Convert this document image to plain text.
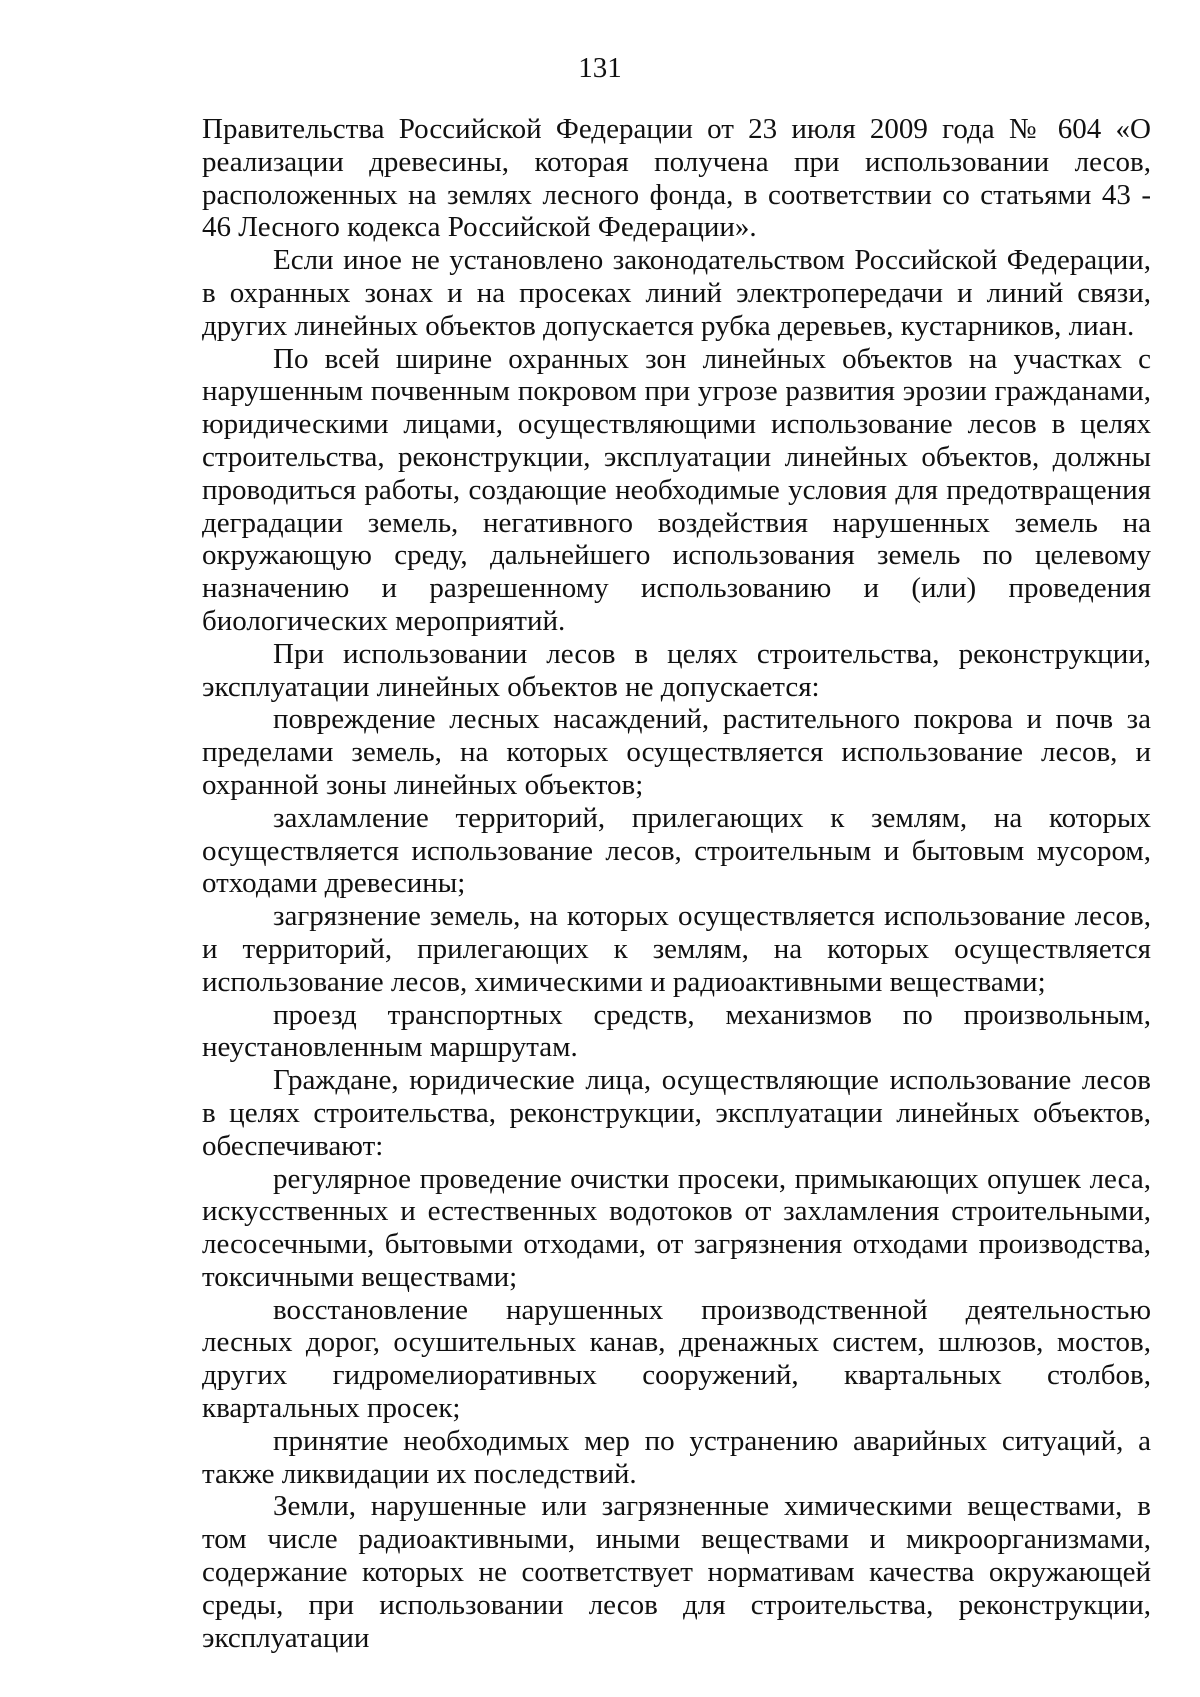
131

Правительства Российской Федерации от 23 июля 2009 года № 604 «О реализации древесины, которая получена при использовании лесов, расположенных на землях лесного фонда, в соответствии со статьями 43 - 46 Лесного кодекса Российской Федерации».

Если иное не установлено законодательством Российской Федерации, в охранных зонах и на просеках линий электропередачи и линий связи, других линейных объектов допускается рубка деревьев, кустарников, лиан.

По всей ширине охранных зон линейных объектов на участках с нарушенным почвенным покровом при угрозе развития эрозии гражданами, юридическими лицами, осуществляющими использование лесов в целях строительства, реконструкции, эксплуатации линейных объектов, должны проводиться работы, создающие необходимые условия для предотвращения деградации земель, негативного воздействия нарушенных земель на окружающую среду, дальнейшего использования земель по целевому назначению и разрешенному использованию и (или) проведения биологических мероприятий.

При использовании лесов в целях строительства, реконструкции, эксплуатации линейных объектов не допускается:

повреждение лесных насаждений, растительного покрова и почв за пределами земель, на которых осуществляется использование лесов, и охранной зоны линейных объектов;

захламление территорий, прилегающих к землям, на которых осуществляется использование лесов, строительным и бытовым мусором, отходами древесины;

загрязнение земель, на которых осуществляется использование лесов, и территорий, прилегающих к землям, на которых осуществляется использование лесов, химическими и радиоактивными веществами;

проезд транспортных средств, механизмов по произвольным, неустановленным маршрутам.

Граждане, юридические лица, осуществляющие использование лесов в целях строительства, реконструкции, эксплуатации линейных объектов, обеспечивают:

регулярное проведение очистки просеки, примыкающих опушек леса, искусственных и естественных водотоков от захламления строительными, лесосечными, бытовыми отходами, от загрязнения отходами производства, токсичными веществами;

восстановление нарушенных производственной деятельностью лесных дорог, осушительных канав, дренажных систем, шлюзов, мостов, других гидромелиоративных сооружений, квартальных столбов, квартальных просек;

принятие необходимых мер по устранению аварийных ситуаций, а также ликвидации их последствий.

Земли, нарушенные или загрязненные химическими веществами, в том числе радиоактивными, иными веществами и микроорганизмами, содержание которых не соответствует нормативам качества окружающей среды, при использовании лесов для строительства, реконструкции, эксплуатации
